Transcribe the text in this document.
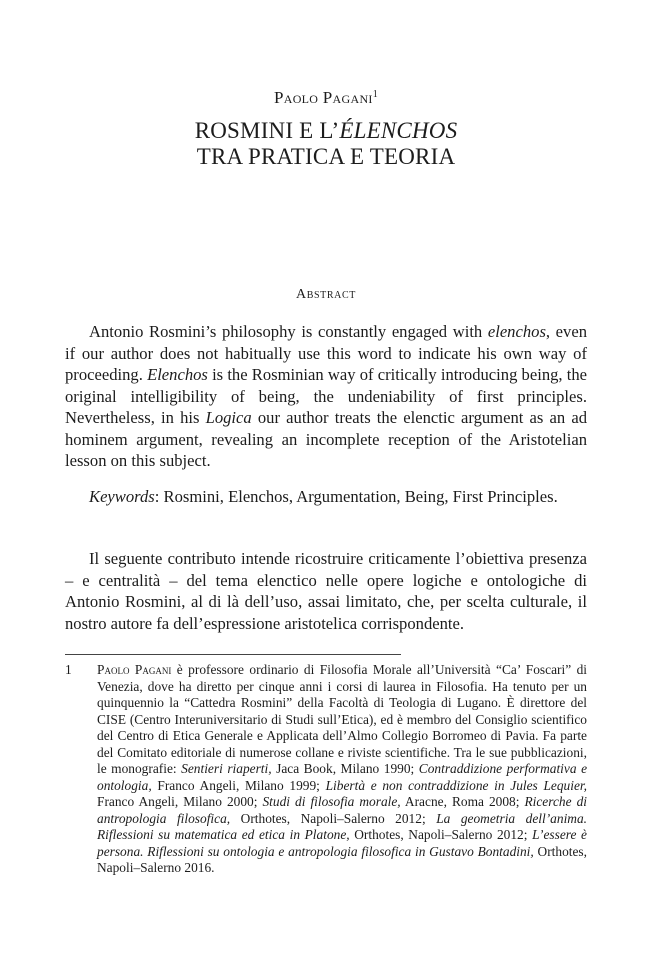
Paolo Pagani$^1$
ROSMINI E L’ÉLENCHOS
TRA PRATICA E TEORIA
Abstract
Antonio Rosmini’s philosophy is constantly engaged with elenchos, even if our author does not habitually use this word to indicate his own way of proceeding. Elenchos is the Rosminian way of critically introducing being, the original intelligibility of being, the undeniability of first principles. Nevertheless, in his Logica our author treats the elenctic argument as an ad hominem argument, revealing an incomplete reception of the Aristotelian lesson on this subject.
Keywords: Rosmini, Elenchos, Argumentation, Being, First Principles.
Il seguente contributo intende ricostruire criticamente l’obiettiva presenza – e centralità – del tema elenctico nelle opere logiche e ontologiche di Antonio Rosmini, al di là dell’uso, assai limitato, che, per scelta culturale, il nostro autore fa dell’espressione aristotelica corrispondente.
1	Paolo Pagani è professore ordinario di Filosofia Morale all’Università “Ca’ Foscari” di Venezia, dove ha diretto per cinque anni i corsi di laurea in Filosofia. Ha tenuto per un quinquennio la “Cattedra Rosmini” della Facoltà di Teologia di Lugano. È direttore del CISE (Centro Interuniversitario di Studi sull’Etica), ed è membro del Consiglio scientifico del Centro di Etica Generale e Applicata dell’Almo Collegio Borromeo di Pavia. Fa parte del Comitato editoriale di numerose collane e riviste scientifiche. Tra le sue pubblicazioni, le monografie: Sentieri riaperti, Jaca Book, Milano 1990; Contraddizione performativa e ontologia, Franco Angeli, Milano 1999; Libertà e non contraddizione in Jules Lequier, Franco Angeli, Milano 2000; Studi di filosofia morale, Aracne, Roma 2008; Ricerche di antropologia filosofica, Orthotes, Napoli–Salerno 2012; La geometria dell’anima. Riflessioni su matematica ed etica in Platone, Orthotes, Napoli–Salerno 2012; L’essere è persona. Riflessioni su ontologia e antropologia filosofica in Gustavo Bontadini, Orthotes, Napoli–Salerno 2016.
